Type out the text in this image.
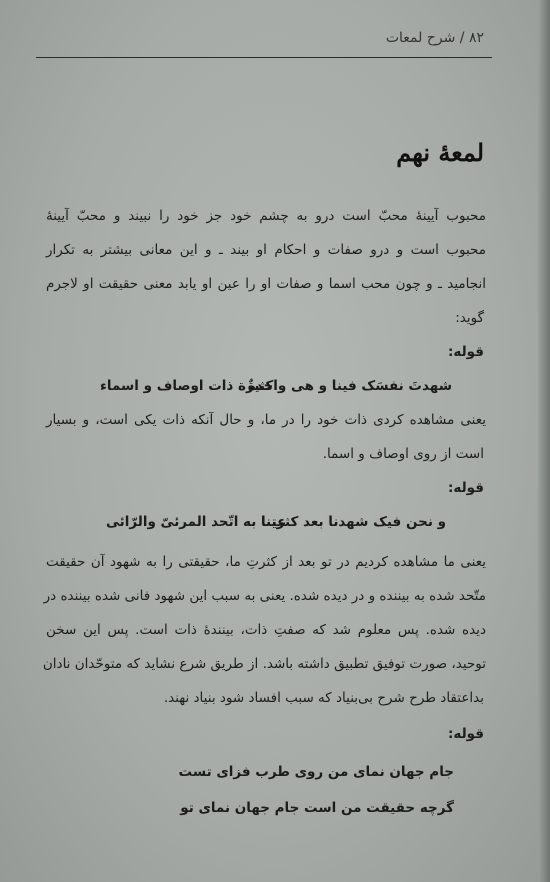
۸۲ / شرح لمعات
لمعهٔ نهم
محبوب آیینهٔ محبّ است درو به چشم خود جز خود را نبیند و محبّ آیینهٔ
محبوب است و درو صفات و احکام او بیند ـ و این معانی بیشتر به تکرار
انجامید ـ و چون محب اسما و صفات او را عین او یابد معنی حقیقت او لاجرم
گوید:
قوله:
شهدتَ نفسَک فینا و هی واحدةٌ
کثیرة ذات اوصاف و اسماء
یعنی مشاهده کردی ذات خود را در ما، و حال آنکه ذات یکی است، و بسیار
است از روی اوصاف و اسما.
قوله:
و نحن فیک شهدنا بعد کثرتنا
عینا به اتّحد المرئیّ والرّائی
یعنی ما مشاهده کردیم در تو بعد از کثرتِ ما، حقیقتی را به شهود آن حقیقت
متّحد شده به بیننده و در دیده شده. یعنی به سبب این شهود فانی شده بیننده در
دیده شده. پس معلوم شد که صفتِ ذات، بینندهٔ ذات است. پس این سخن
توحید، صورت توفیق تطبیق داشته باشد. از طریق شرع نشاید که متوحّدان نادان
بداعتقاد طرح شرح بی‌بنیاد که سبب افساد شود بنیاد نهند.
قوله:
جام جهان نمای من روی طرب فزای تست
گرچه حقیقت من است جام جهان نمای تو
